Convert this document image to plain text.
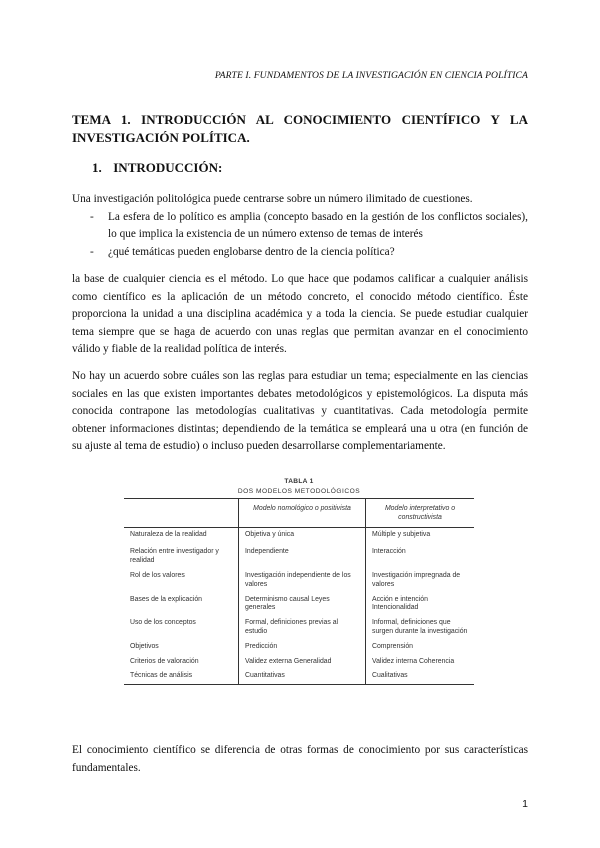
PARTE I. FUNDAMENTOS DE LA INVESTIGACIÓN EN CIENCIA POLÍTICA
TEMA 1. INTRODUCCIÓN AL CONOCIMIENTO CIENTÍFICO Y LA INVESTIGACIÓN POLÍTICA.
1. INTRODUCCIÓN:
Una investigación politológica puede centrarse sobre un número ilimitado de cuestiones.
- La esfera de lo político es amplia (concepto basado en la gestión de los conflictos sociales), lo que implica la existencia de un número extenso de temas de interés
- ¿qué temáticas pueden englobarse dentro de la ciencia política?
la base de cualquier ciencia es el método. Lo que hace que podamos calificar a cualquier análisis como científico es la aplicación de un método concreto, el conocido método científico. Éste proporciona la unidad a una disciplina académica y a toda la ciencia. Se puede estudiar cualquier tema siempre que se haga de acuerdo con unas reglas que permitan avanzar en el conocimiento válido y fiable de la realidad política de interés.
No hay un acuerdo sobre cuáles son las reglas para estudiar un tema; especialmente en las ciencias sociales en las que existen importantes debates metodológicos y epistemológicos. La disputa más conocida contrapone las metodologías cualitativas y cuantitativas. Cada metodología permite obtener informaciones distintas; dependiendo de la temática se empleará una u otra (en función de su ajuste al tema de estudio) o incluso pueden desarrollarse complementariamente.
TABLA 1
DOS MODELOS METODOLÓGICOS
	Modelo nomológico o positivista	Modelo interpretativo o constructivista
Naturaleza de la realidad	Objetiva y única	Múltiple y subjetiva
Relación entre investigador y realidad	Independiente	Interacción
Rol de los valores	Investigación independiente de los valores	Investigación impregnada de valores
Bases de la explicación	Determinismo causal Leyes generales	Acción e intención Intencionalidad
Uso de los conceptos	Formal, definiciones previas al estudio	Informal, definiciones que surgen durante la investigación
Objetivos	Predicción	Comprensión
Criterios de valoración	Validez externa Generalidad	Validez interna Coherencia
Técnicas de análisis	Cuantitativas	Cualitativas
El conocimiento científico se diferencia de otras formas de conocimiento por sus características fundamentales.
1
